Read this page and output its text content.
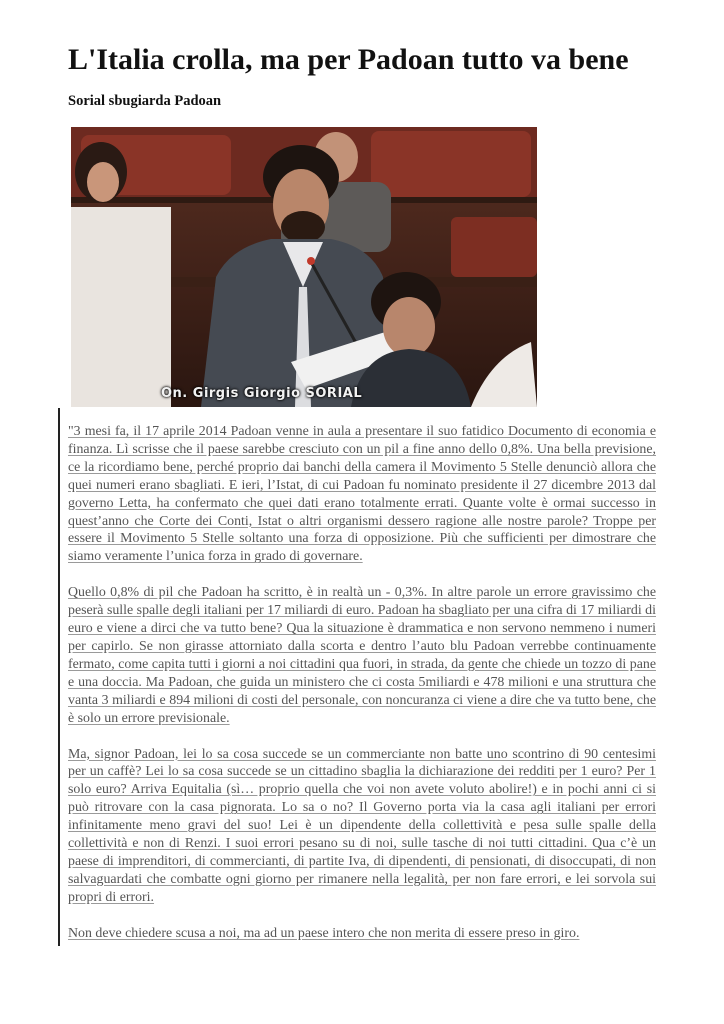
L'Italia crolla, ma per Padoan tutto va bene
Sorial sbugiarda Padoan
On. Girgis Giorgio SORIAL

"3 mesi fa, il 17 aprile 2014 Padoan venne in aula a presentare il suo fatidico Documento di economia e finanza. Lì scrisse che il paese sarebbe cresciuto con un pil a fine anno dello 0,8%. Una bella previsione, ce la ricordiamo bene, perché proprio dai banchi della camera il Movimento 5 Stelle denunciò allora che quei numeri erano sbagliati. E ieri, l’Istat, di cui Padoan fu nominato presidente il 27 dicembre 2013 dal governo Letta, ha confermato che quei dati erano totalmente errati. Quante volte è ormai successo in quest’anno che Corte dei Conti, Istat o altri organismi dessero ragione alle nostre parole? Troppe per essere il Movimento 5 Stelle soltanto una forza di opposizione. Più che sufficienti per dimostrare che siamo veramente l’unica forza in grado di governare.

Quello 0,8% di pil che Padoan ha scritto, è in realtà un - 0,3%. In altre parole un errore gravissimo che peserà sulle spalle degli italiani per 17 miliardi di euro. Padoan ha sbagliato per una cifra di 17 miliardi di euro e viene a dirci che va tutto bene? Qua la situazione è drammatica e non servono nemmeno i numeri per capirlo. Se non girasse attorniato dalla scorta e dentro l’auto blu Padoan verrebbe continuamente fermato, come capita tutti i giorni a noi cittadini qua fuori, in strada, da gente che chiede un tozzo di pane e una doccia. Ma Padoan, che guida un ministero che ci costa 5miliardi e 478 milioni e una struttura che vanta 3 miliardi e 894 milioni di costi del personale, con noncuranza ci viene a dire che va tutto bene, che è solo un errore previsionale.

Ma, signor Padoan, lei lo sa cosa succede se un commerciante non batte uno scontrino di 90 centesimi per un caffè? Lei lo sa cosa succede se un cittadino sbaglia la dichiarazione dei redditi per 1 euro? Per 1 solo euro? Arriva Equitalia (sì… proprio quella che voi non avete voluto abolire!) e in pochi anni ci si può ritrovare con la casa pignorata. Lo sa o no? Il Governo porta via la casa agli italiani per errori infinitamente meno gravi del suo! Lei è un dipendente della collettività e pesa sulle spalle della collettività e non di Renzi. I suoi errori pesano su di noi, sulle tasche di noi tutti cittadini. Qua c’è un paese di imprenditori, di commercianti, di partite Iva, di dipendenti, di pensionati, di disoccupati, di non salvaguardati che combatte ogni giorno per rimanere nella legalità, per non fare errori, e lei sorvola sui propri di errori.

Non deve chiedere scusa a noi, ma ad un paese intero che non merita di essere preso in giro.
